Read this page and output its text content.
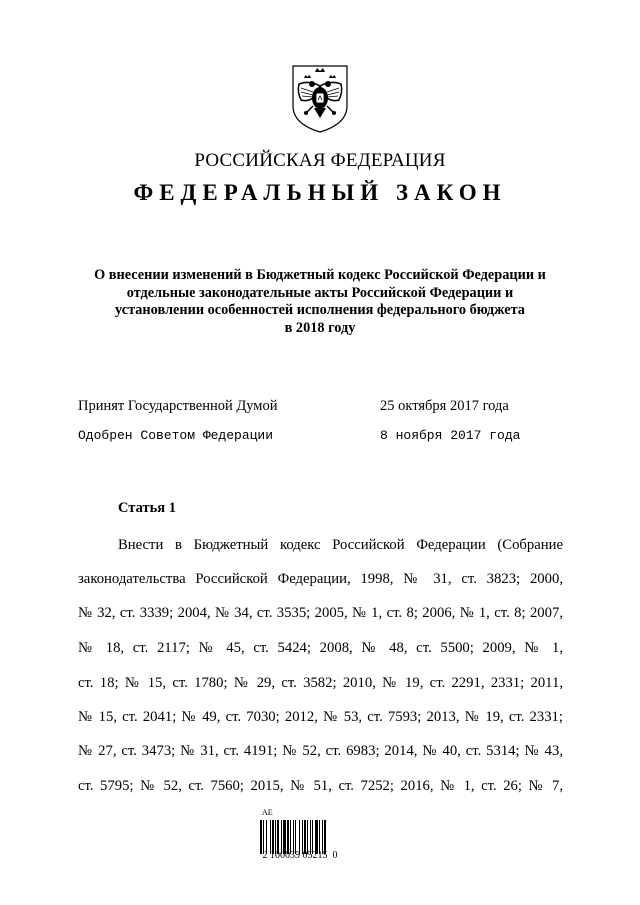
РОССИЙСКАЯ ФЕДЕРАЦИЯ
ФЕДЕРАЛЬНЫЙ ЗАКОН
О внесении изменений в Бюджетный кодекс Российской Федерации и
отдельные законодательные акты Российской Федерации и
установлении особенностей исполнения федерального бюджета
в 2018 году
Принят Государственной Думой	25 октября 2017 года
Одобрен Советом Федерации	8 ноября 2017 года
Статья 1
Внести в Бюджетный кодекс Российской Федерации (Собрание
законодательства Российской Федерации, 1998, № 31, ст. 3823; 2000,
№ 32, ст. 3339; 2004, № 34, ст. 3535; 2005, № 1, ст. 8; 2006, № 1, ст. 8; 2007,
№ 18, ст. 2117; № 45, ст. 5424; 2008, № 48, ст. 5500; 2009, № 1,
ст. 18; № 15, ст. 1780; № 29, ст. 3582; 2010, № 19, ст. 2291, 2331; 2011,
№ 15, ст. 2041; № 49, ст. 7030; 2012, № 53, ст. 7593; 2013, № 19, ст. 2331;
№ 27, ст. 3473; № 31, ст. 4191; № 52, ст. 6983; 2014, № 40, ст. 5314; № 43,
ст. 5795; № 52, ст. 7560; 2015, № 51, ст. 7252; 2016, № 1, ст. 26; № 7,
АЕ
2 100039 05215  0
